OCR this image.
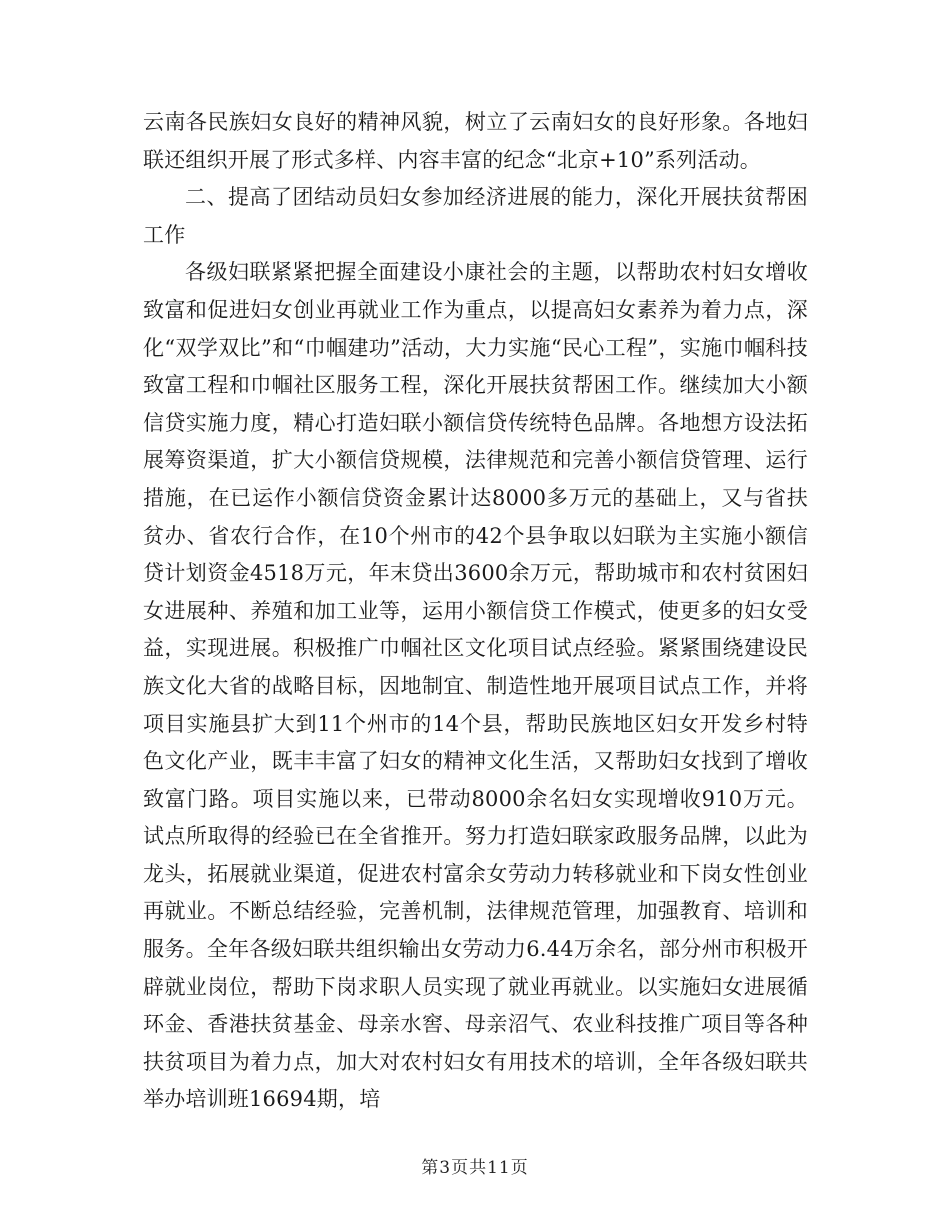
云南各民族妇女良好的精神风貌，树立了云南妇女的良好形象。各地妇联还组织开展了形式多样、内容丰富的纪念“北京+10”系列活动。

二、提高了团结动员妇女参加经济进展的能力，深化开展扶贫帮困工作

各级妇联紧紧把握全面建设小康社会的主题，以帮助农村妇女增收致富和促进妇女创业再就业工作为重点，以提高妇女素养为着力点，深化“双学双比”和“巾帼建功”活动，大力实施“民心工程”，实施巾帼科技致富工程和巾帼社区服务工程，深化开展扶贫帮困工作。继续加大小额信贷实施力度，精心打造妇联小额信贷传统特色品牌。各地想方设法拓展筹资渠道，扩大小额信贷规模，法律规范和完善小额信贷管理、运行措施，在已运作小额信贷资金累计达8000多万元的基础上，又与省扶贫办、省农行合作，在10个州市的42个县争取以妇联为主实施小额信贷计划资金4518万元，年末贷出3600余万元，帮助城市和农村贫困妇女进展种、养殖和加工业等，运用小额信贷工作模式，使更多的妇女受益，实现进展。积极推广巾帼社区文化项目试点经验。紧紧围绕建设民族文化大省的战略目标，因地制宜、制造性地开展项目试点工作，并将项目实施县扩大到11个州市的14个县，帮助民族地区妇女开发乡村特色文化产业，既丰丰富了妇女的精神文化生活，又帮助妇女找到了增收致富门路。项目实施以来，已带动8000余名妇女实现增收910万元。试点所取得的经验已在全省推开。努力打造妇联家政服务品牌，以此为龙头，拓展就业渠道，促进农村富余女劳动力转移就业和下岗女性创业再就业。不断总结经验，完善机制，法律规范管理，加强教育、培训和服务。全年各级妇联共组织输出女劳动力6.44万余名，部分州市积极开辟就业岗位，帮助下岗求职人员实现了就业再就业。以实施妇女进展循环金、香港扶贫基金、母亲水窖、母亲沼气、农业科技推广项目等各种扶贫项目为着力点，加大对农村妇女有用技术的培训，全年各级妇联共举办培训班16694期，培

第3页共11页
